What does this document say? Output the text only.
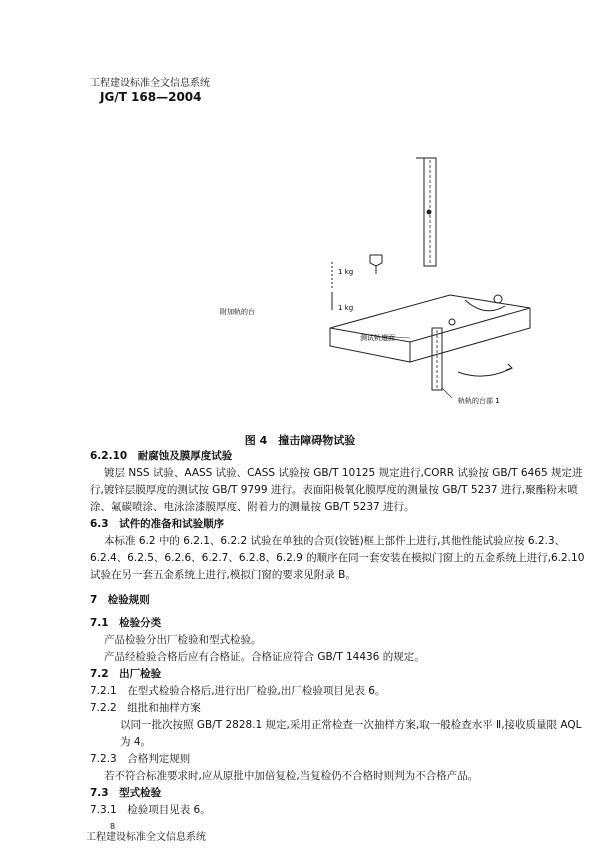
工程建设标准全文信息系统
JG/T 168—2004
1 kg
1 kg
附加轨的台
测试轨道面
轨轨的台部 1
图 4　撞击障碍物试验
6.2.10　耐腐蚀及膜厚度试验
镀层 NSS 试验、AASS 试验、CASS 试验按 GB/T 10125 规定进行,CORR 试验按 GB/T 6465 规定进行,镀锌层膜厚度的测试按 GB/T 9799 进行。表面阳极氧化膜厚度的测量按 GB/T 5237 进行,聚酯粉末喷涂、氟碳喷涂、电泳涂漆膜厚度、附着力的测量按 GB/T 5237 进行。
6.3　试件的准备和试验顺序
本标准 6.2 中的 6.2.1、6.2.2 试验在单独的合页(铰链)框上部件上进行,其他性能试验应按 6.2.3、6.2.4、6.2.5、6.2.6、6.2.7、6.2.8、6.2.9 的顺序在同一套安装在模拟门窗上的五金系统上进行,6.2.10 试验在另一套五金系统上进行,模拟门窗的要求见附录 B。
7　检验规则
7.1　检验分类
产品检验分出厂检验和型式检验。
产品经检验合格后应有合格证。合格证应符合 GB/T 14436 的规定。
7.2　出厂检验
7.2.1　在型式检验合格后,进行出厂检验,出厂检验项目见表 6。
7.2.2　组批和抽样方案
以同一批次按照 GB/T 2828.1 规定,采用正常检查一次抽样方案,取一般检查水平 Ⅱ,接收质量限 AQL 为 4。
7.2.3　合格判定规则
若不符合标准要求时,应从原批中加倍复检,当复检仍不合格时则判为不合格产品。
7.3　型式检验
7.3.1　检验项目见表 6。
工程建设标准全文信息系统
8
